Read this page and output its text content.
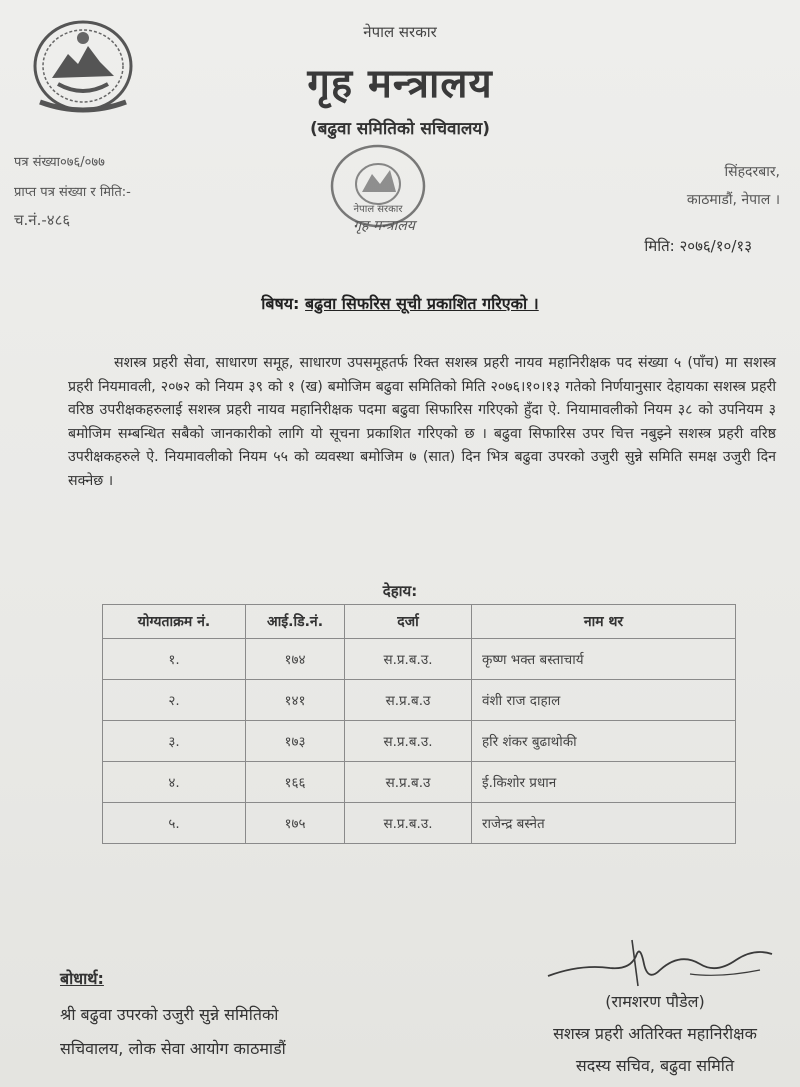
नेपाल सरकार
गृह मन्त्रालय
(बढुवा समितिको सचिवालय)
नेपाल सरकार
गृह मन्त्रालय
पत्र संख्या०७६/०७७
प्राप्त पत्र संख्या र मिति:-
च.नं.-४८६
सिंहदरबार,
काठमाडौं, नेपाल ।
मिति: २०७६/१०/१३
बिषय: बढुवा सिफरिस सूची प्रकाशित गरिएको ।

सशस्त्र प्रहरी सेवा, साधारण समूह, साधारण उपसमूहतर्फ रिक्त सशस्त्र प्रहरी नायव महानिरीक्षक पद संख्या ५ (पाँच) मा सशस्त्र प्रहरी नियमावली, २०७२ को नियम ३९ को १ (ख) बमोजिम बढुवा समितिको मिति २०७६।१०।१३ गतेको निर्णयानुसार देहायका सशस्त्र प्रहरी वरिष्ठ उपरीक्षकहरुलाई सशस्त्र प्रहरी नायव महानिरीक्षक पदमा बढुवा सिफारिस गरिएको हुँदा ऐ. नियामावलीको नियम ३८ को उपनियम ३ बमोजिम सम्बन्धित सबैको जानकारीको लागि यो सूचना प्रकाशित गरिएको छ । बढुवा सिफारिस उपर चित्त नबुझ्ने सशस्त्र प्रहरी वरिष्ठ उपरीक्षकहरुले ऐ. नियमावलीको नियम ५५ को व्यवस्था बमोजिम ७ (सात) दिन भित्र बढुवा उपरको उजुरी सुन्ने समिति समक्ष उजुरी दिन सक्नेछ ।

देहाय:
योग्यताक्रम नं.	आई.डि.नं.	दर्जा	नाम थर
१.	१७४	स.प्र.ब.उ.	कृष्ण भक्त बस्ताचार्य
२.	१४१	स.प्र.ब.उ	वंशी राज दाहाल
३.	१७३	स.प्र.ब.उ.	हरि शंकर बुढाथोकी
४.	१६६	स.प्र.ब.उ	ई.किशोर प्रधान
५.	१७५	स.प्र.ब.उ.	राजेन्द्र बस्नेत
बोधार्थ:
श्री बढुवा उपरको उजुरी सुन्ने समितिको
सचिवालय, लोक सेवा आयोग काठमाडौं
(रामशरण पौडेल)
सशस्त्र प्रहरी अतिरिक्त महानिरीक्षक
सदस्य सचिव, बढुवा समिति
